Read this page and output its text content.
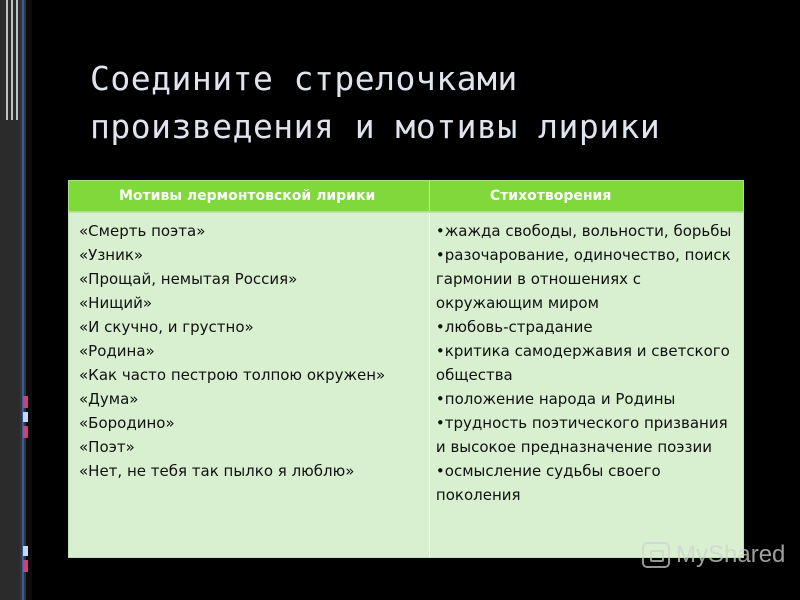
Соедините стрелочками
произведения и мотивы лирики
Мотивы лермонтовской лирики	Стихотворения

«Смерть поэта»

«Узник»

«Прощай, немытая Россия»

«Нищий»

«И скучно, и грустно»

«Родина»

«Как часто пестрою толпою окружен»

«Дума»

«Бородино»

«Поэт»

«Нет, не тебя так пылко я люблю»

•жажда свободы, вольности, борьбы

•разочарование, одиночество, поиск гармонии в отношениях с окружающим миром

•любовь-страдание

•критика самодержавия и светского общества

•положение народа и Родины

•трудность поэтического призвания и высокое предназначение поэзии

•осмысление судьбы своего поколения

MyShared
